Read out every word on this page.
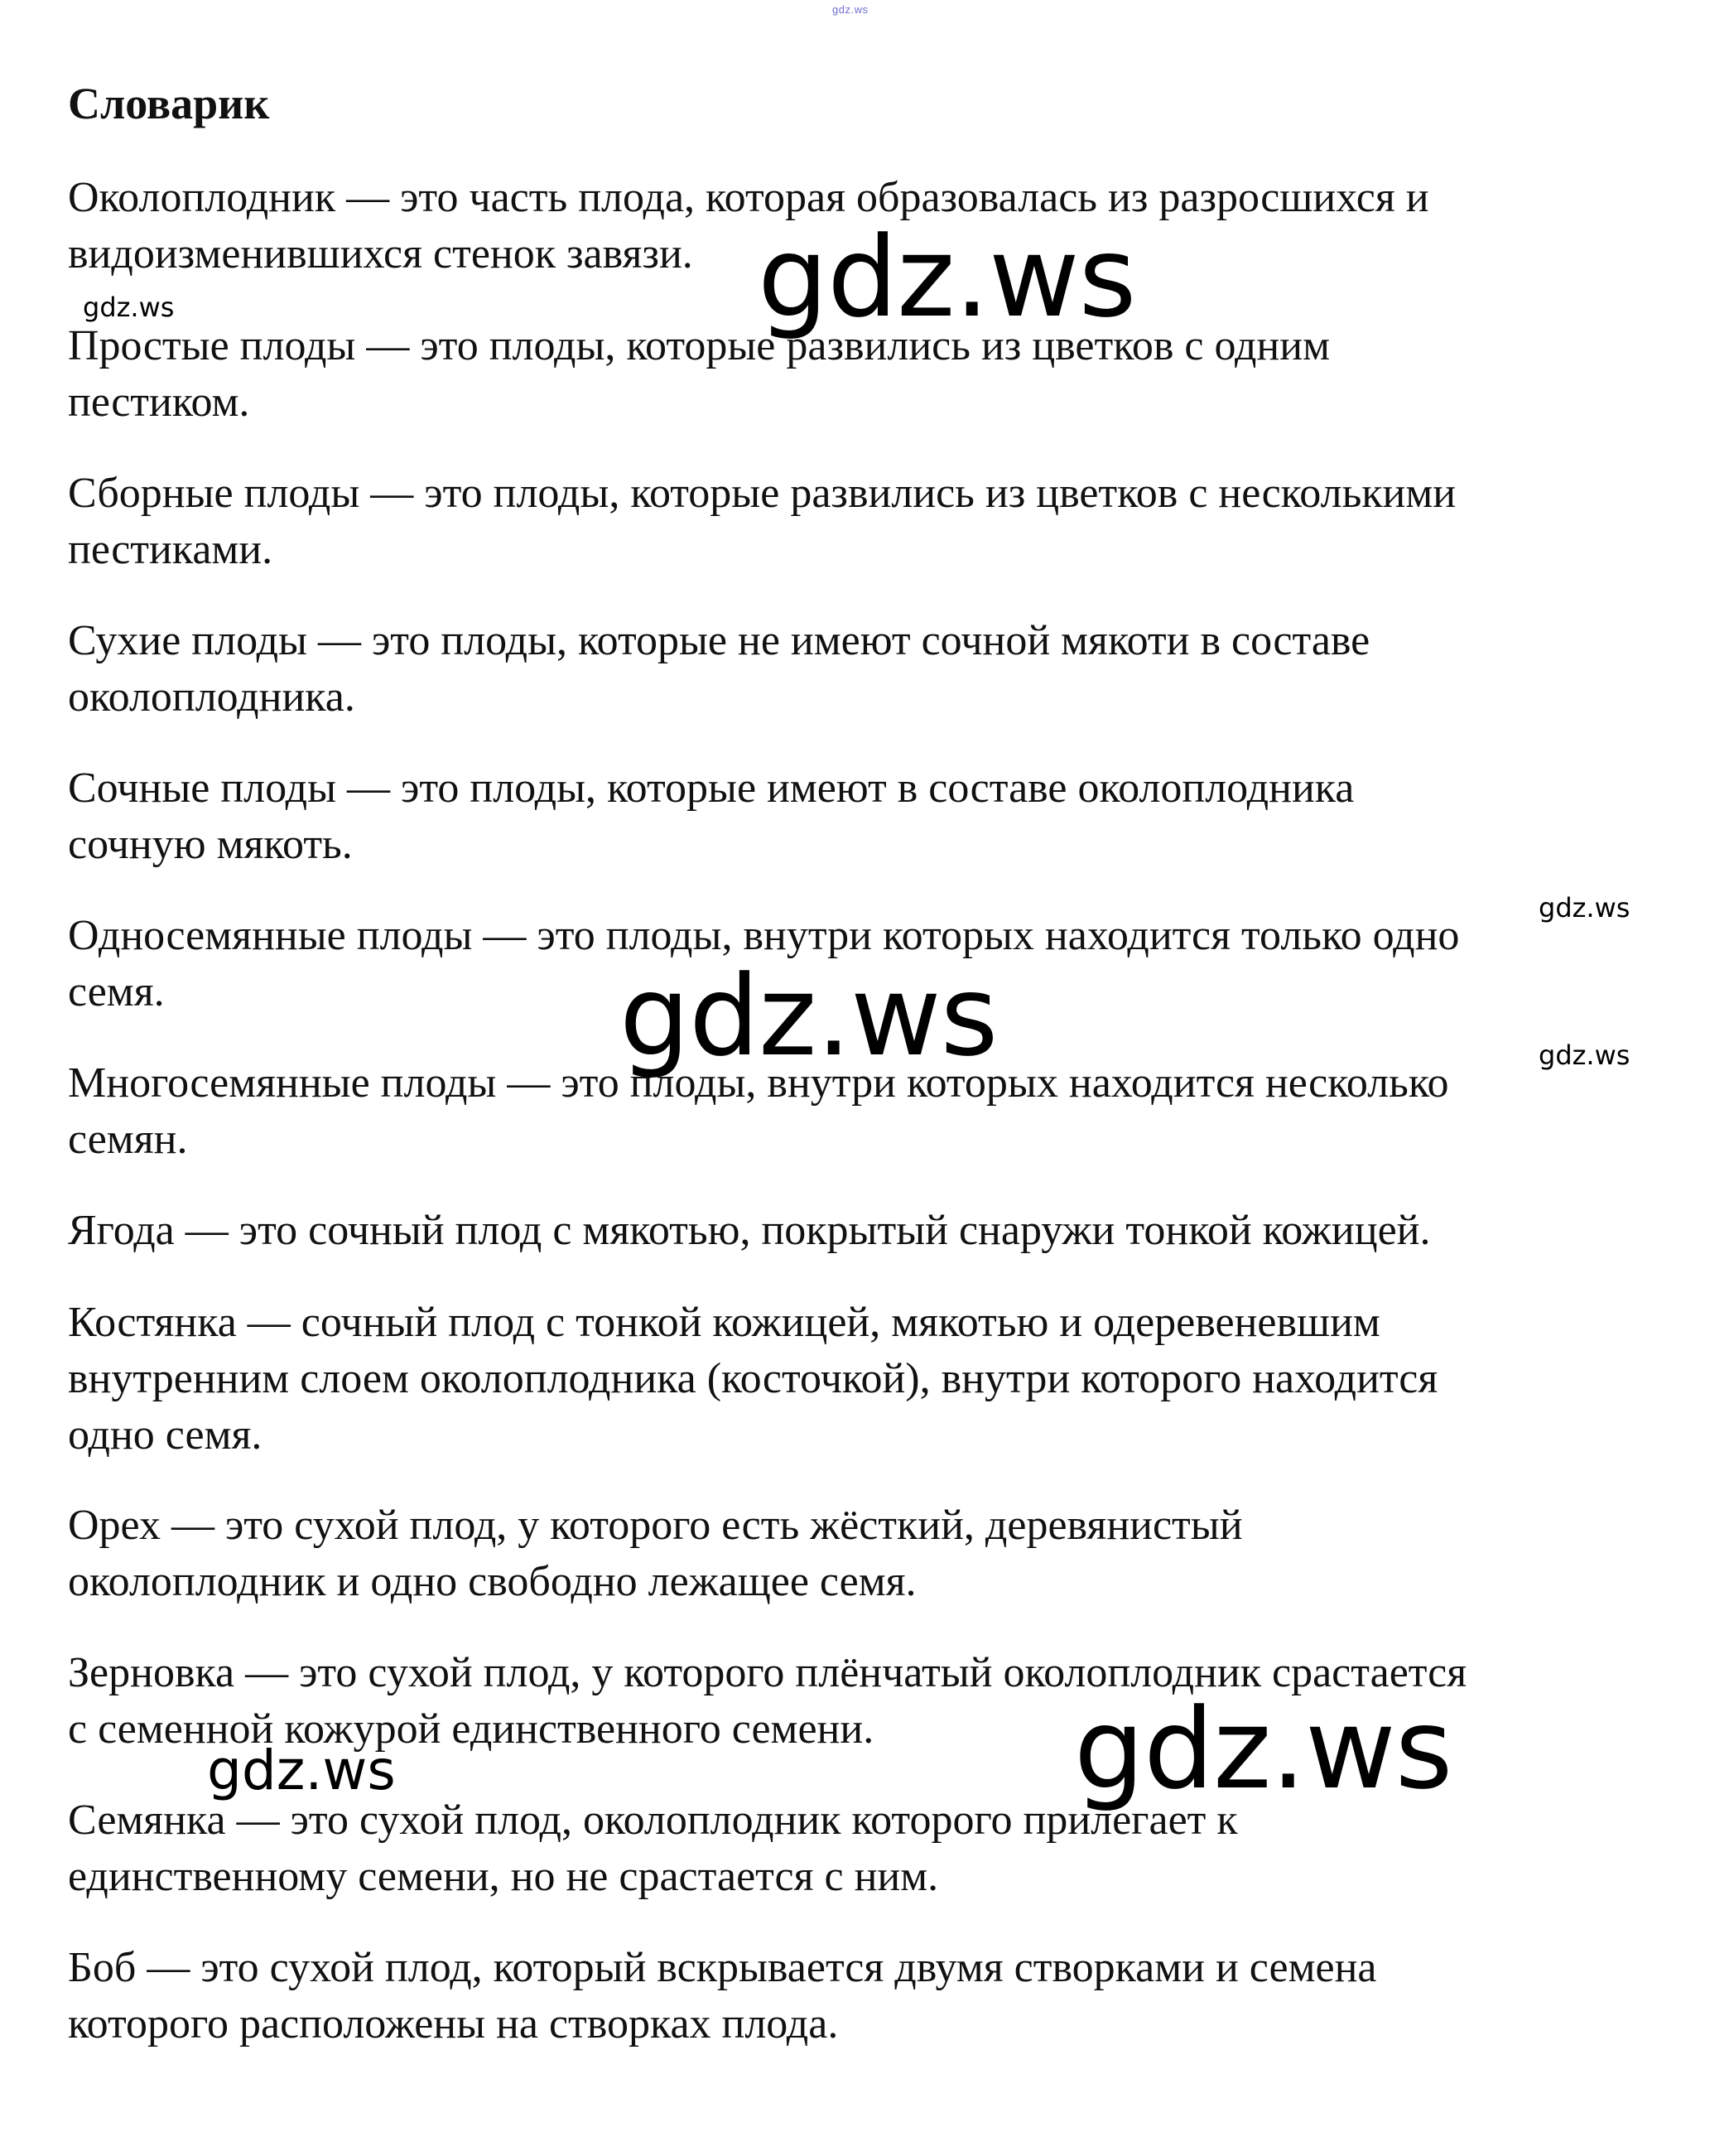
gdz.ws
Словарик

Околоплодник — это часть плода, которая образовалась из разросшихся и
видоизменившихся стенок завязи.

Простые плоды — это плоды, которые развились из цветков с одним
пестиком.

Сборные плоды — это плоды, которые развились из цветков с несколькими
пестиками.

Сухие плоды — это плоды, которые не имеют сочной мякоти в составе
околоплодника.

Сочные плоды — это плоды, которые имеют в составе околоплодника
сочную мякоть.

Односемянные плоды — это плоды, внутри которых находится только одно
семя.

Многосемянные плоды — это плоды, внутри которых находится несколько
семян.

Ягода — это сочный плод с мякотью, покрытый снаружи тонкой кожицей.

Костянка — сочный плод с тонкой кожицей, мякотью и одеревеневшим
внутренним слоем околоплодника (косточкой), внутри которого находится
одно семя.

Орех — это сухой плод, у которого есть жёсткий, деревянистый
околоплодник и одно свободно лежащее семя.

Зерновка — это сухой плод, у которого плёнчатый околоплодник срастается
с семенной кожурой единственного семени.

Семянка — это сухой плод, околоплодник которого прилегает к
единственному семени, но не срастается с ним.

Боб — это сухой плод, который вскрывается двумя створками и семена
которого расположены на створках плода.

gdz.ws
gdz.ws
gdz.ws
gdz.ws
gdz.ws
gdz.ws
gdz.ws
